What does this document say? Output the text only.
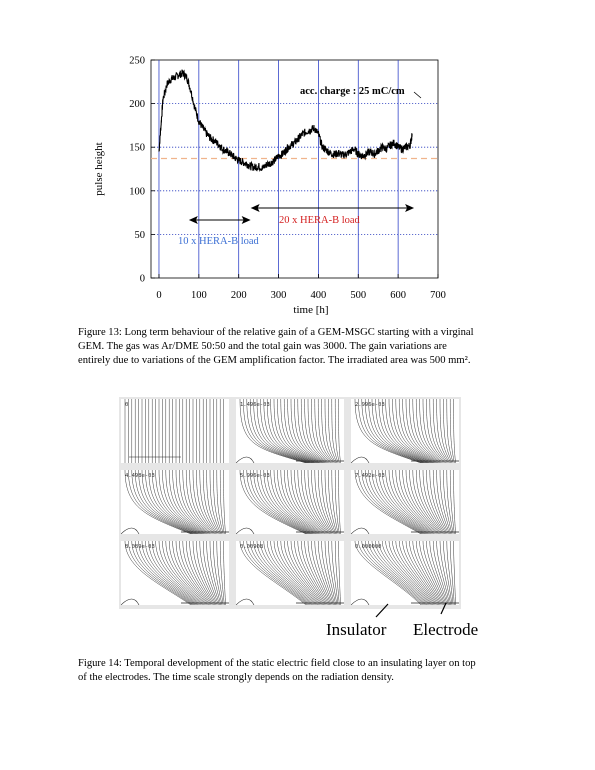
0	100 200 300 400 500 600 700
0
50
100
150
200
250
pulse height
time [h]
acc. charge : 25 mC/cm
10 x HERA-B load
20 x HERA-B load
Figure 13: Long term behaviour of the relative gain of a GEM-MSGC starting with a virginal GEM. The gas was Ar/DME 50:50 and the total gain was 3000. The gain variations are entirely due to variations of the GEM amplification factor. The irradiated area was 500 mm².
0	1.496e-03	2.996e-03
4.498e-03	5.996e-03	7.492e-03
8.089e-03	0.0090B	0.000000
Insulator Electrode
Figure 14: Temporal development of the static electric field close to an insulating layer on top of the electrodes. The time scale strongly depends on the radiation density.
